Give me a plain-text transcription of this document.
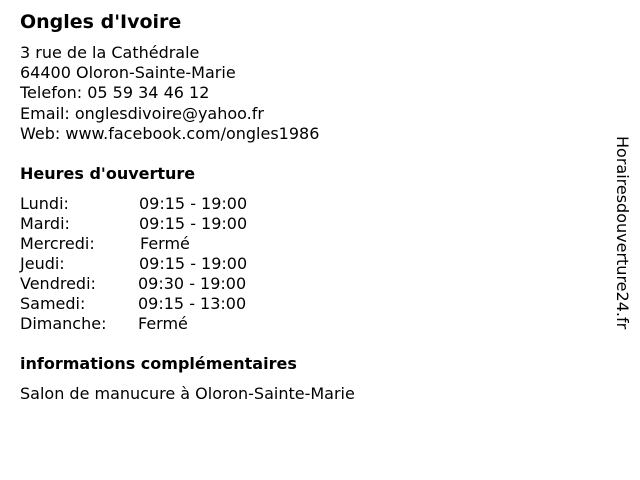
Ongles d'Ivoire
3 rue de la Cathédrale
64400 Oloron-Sainte-Marie
Telefon: 05 59 34 46 12
Email: onglesdivoire@yahoo.fr
Web: www.facebook.com/ongles1986
Heures d'ouverture
Lundi:	09:15 - 19:00
Mardi:	09:15 - 19:00
Mercredi:	Fermé
Jeudi:	09:15 - 19:00
Vendredi:	09:30 - 19:00
Samedi:	09:15 - 13:00
Dimanche: Fermé
informations complémentaires
Salon de manucure à Oloron-Sainte-Marie
Horairesdouverture24.fr
